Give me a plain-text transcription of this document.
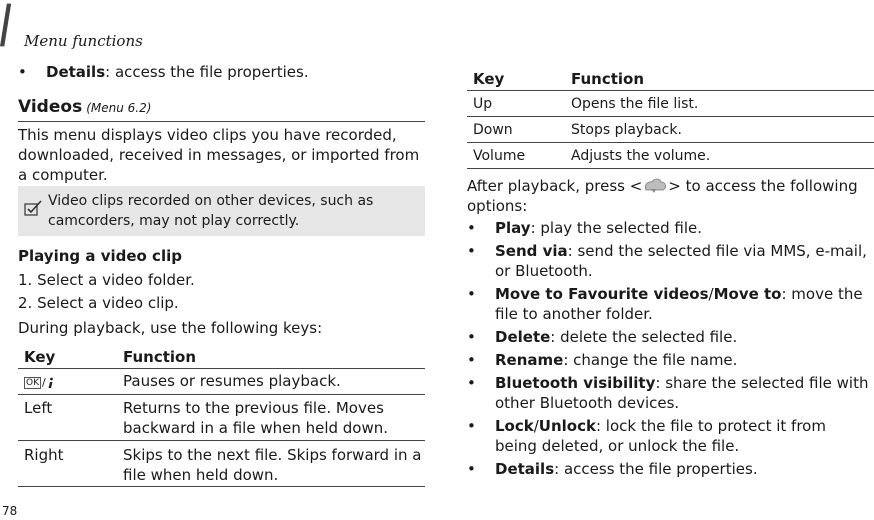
Menu functions
•	Details: access the file properties.
Videos (Menu 6.2)
This menu displays video clips you have recorded, downloaded, received in messages, or imported from a computer.
Video clips recorded on other devices, such as camcorders, may not play correctly.
Playing a video clip
1. Select a video folder.
2. Select a video clip.
During playback, use the following keys:
Key	Function
OK /	Pauses or resumes playback.
Left	Returns to the previous file. Moves backward in a file when held down.
Right	Skips to the next file. Skips forward in a file when held down.
Key	Function
Up	Opens the file list.
Down	Stops playback.
Volume	Adjusts the volume.
After playback, press < > to access the following options:
•	Play: play the selected file.
•	Send via: send the selected file via MMS, e-mail, or Bluetooth.
•	Move to Favourite videos/Move to: move the file to another folder.
•	Delete: delete the selected file.
•	Rename: change the file name.
•	Bluetooth visibility: share the selected file with other Bluetooth devices.
•	Lock/Unlock: lock the file to protect it from being deleted, or unlock the file.
•	Details: access the file properties.
78
